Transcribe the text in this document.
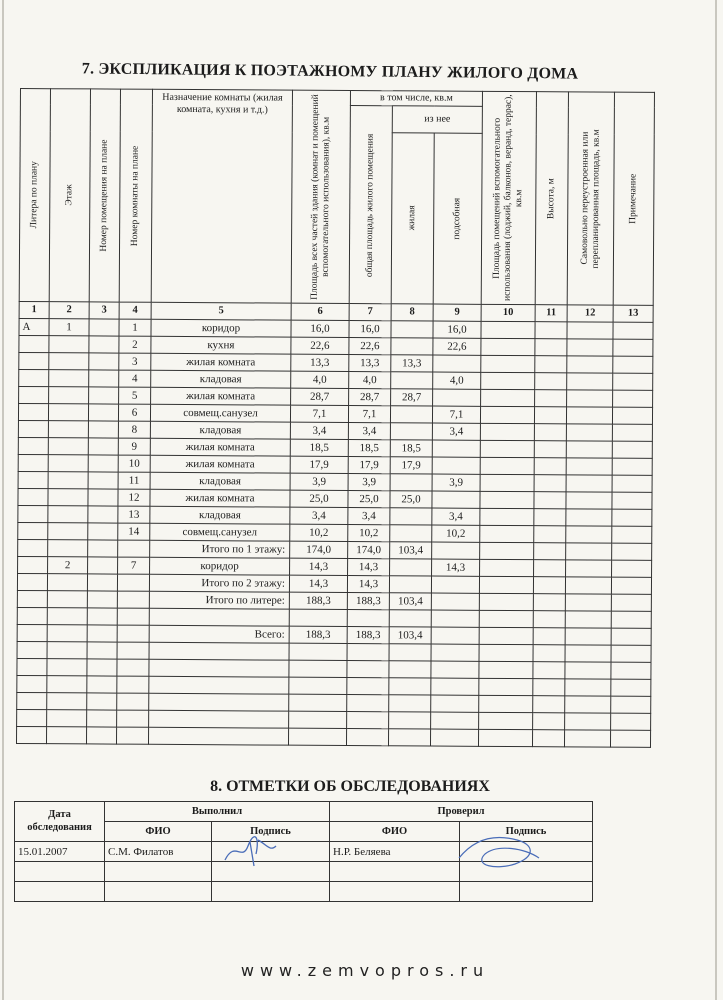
7. ЭКСПЛИКАЦИЯ К ПОЭТАЖНОМУ ПЛАНУ ЖИЛОГО ДОМА
Литера по плану	Этаж	Номер помещения на плане	Номер комнаты на плане	Назначение комнаты (жилая комната, кухня и т.д.)	Площадь всех частей здания (комнат и помещений вспомогательного использования), кв.м	в том числе, кв.м			Площадь помещений вспомогательного использования (лоджий, балконов, веранд, террас), кв.м	Высота, м	Самовольно переустроенная или перепланированная площадь, кв.м	Примечание

						общая площадь жилого помещения	из нее					

							жилая	подсобная				

1	2	3	4	5	6	7	8	9	10	11	12	13
А	1		1	коридор	16,0	16,0		16,0				
			2	кухня	22,6	22,6		22,6				
			3	жилая комната	13,3	13,3	13,3					
			4	кладовая	4,0	4,0		4,0				
			5	жилая комната	28,7	28,7	28,7					
			6	совмещ.санузел	7,1	7,1		7,1				
			8	кладовая	3,4	3,4		3,4				
			9	жилая комната	18,5	18,5	18,5					
			10	жилая комната	17,9	17,9	17,9					
			11	кладовая	3,9	3,9		3,9				
			12	жилая комната	25,0	25,0	25,0					
			13	кладовая	3,4	3,4		3,4				
			14	совмещ.санузел	10,2	10,2		10,2				
				Итого по 1 этажу:	174,0	174,0	103,4					
	2		7	коридор	14,3	14,3		14,3				
				Итого по 2 этажу:	14,3	14,3						
				Итого по литере:	188,3	188,3	103,4					

				Всего:	188,3	188,3	103,4					

8. ОТМЕТКИ ОБ ОБСЛЕДОВАНИЯХ
Дата обследования	Выполнил		Проверил	
	ФИО	Подпись	ФИО	Подпись
15.01.2007	С.М. Филатов		Н.Р. Беляева	

www.zemvopros.ru
